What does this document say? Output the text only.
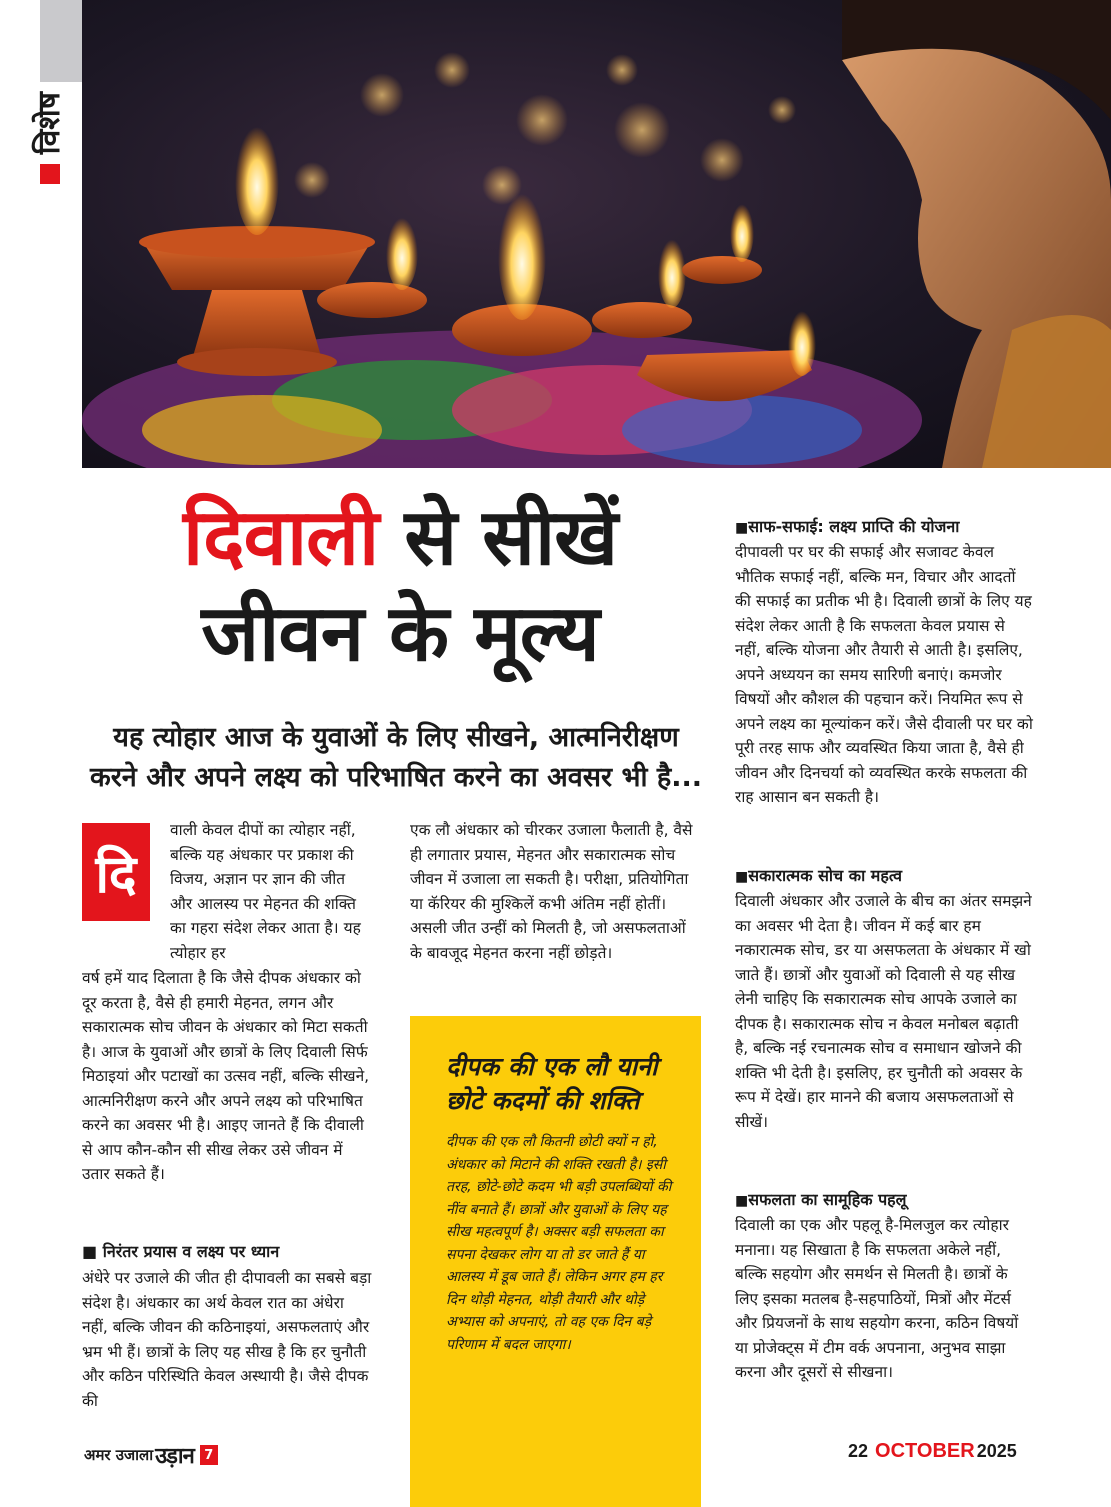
विशेष
दिवाली से सीखें
जीवन के मूल्य
यह त्योहार आज के युवाओं के लिए सीखने, आत्मनिरीक्षण करने और अपने लक्ष्य को परिभाषित करने का अवसर भी है...
दि
वाली केवल दीपों का त्योहार नहीं, बल्कि यह अंधकार पर प्रकाश की विजय, अज्ञान पर ज्ञान की जीत और आलस्य पर मेहनत की शक्ति का गहरा संदेश लेकर आता है। यह त्योहार हर
वर्ष हमें याद दिलाता है कि जैसे दीपक अंधकार को दूर करता है, वैसे ही हमारी मेहनत, लगन और सकारात्मक सोच जीवन के अंधकार को मिटा सकती है। आज के युवाओं और छात्रों के लिए दिवाली सिर्फ मिठाइयां और पटाखों का उत्सव नहीं, बल्कि सीखने, आत्मनिरीक्षण करने और अपने लक्ष्य को परिभाषित करने का अवसर भी है। आइए जानते हैं कि दीवाली से आप कौन-कौन सी सीख लेकर उसे जीवन में उतार सकते हैं।
■ निरंतर प्रयास व लक्ष्य पर ध्यान
अंधेरे पर उजाले की जीत ही दीपावली का सबसे बड़ा संदेश है। अंधकार का अर्थ केवल रात का अंधेरा नहीं, बल्कि जीवन की कठिनाइयां, असफलताएं और भ्रम भी हैं। छात्रों के लिए यह सीख है कि हर चुनौती और कठिन परिस्थिति केवल अस्थायी है। जैसे दीपक की
एक लौ अंधकार को चीरकर उजाला फैलाती है, वैसे ही लगातार प्रयास, मेहनत और सकारात्मक सोच जीवन में उजाला ला सकती है। परीक्षा, प्रतियोगिता या कॅरियर की मुश्किलें कभी अंतिम नहीं होतीं। असली जीत उन्हीं को मिलती है, जो असफलताओं के बावजूद मेहनत करना नहीं छोड़ते।
दीपक की एक लौ यानी छोटे कदमों की शक्ति
दीपक की एक लौ कितनी छोटी क्यों न हो, अंधकार को मिटाने की शक्ति रखती है। इसी तरह, छोटे-छोटे कदम भी बड़ी उपलब्धियों की नींव बनाते हैं। छात्रों और युवाओं के लिए यह सीख महत्वपूर्ण है। अक्सर बड़ी सफलता का सपना देखकर लोग या तो डर जाते हैं या आलस्य में डूब जाते हैं। लेकिन अगर हम हर दिन थोड़ी मेहनत, थोड़ी तैयारी और थोड़े अभ्यास को अपनाएं, तो वह एक दिन बड़े परिणाम में बदल जाएगा।
■ साफ-सफाई: लक्ष्य प्राप्ति की योजना
दीपावली पर घर की सफाई और सजावट केवल भौतिक सफाई नहीं, बल्कि मन, विचार और आदतों की सफाई का प्रतीक भी है। दिवाली छात्रों के लिए यह संदेश लेकर आती है कि सफलता केवल प्रयास से नहीं, बल्कि योजना और तैयारी से आती है। इसलिए, अपने अध्ययन का समय सारिणी बनाएं। कमजोर विषयों और कौशल की पहचान करें। नियमित रूप से अपने लक्ष्य का मूल्यांकन करें। जैसे दीवाली पर घर को पूरी तरह साफ और व्यवस्थित किया जाता है, वैसे ही जीवन और दिनचर्या को व्यवस्थित करके सफलता की राह आसान बन सकती है।
■ सकारात्मक सोच का महत्व
दिवाली अंधकार और उजाले के बीच का अंतर समझने का अवसर भी देता है। जीवन में कई बार हम नकारात्मक सोच, डर या असफलता के अंधकार में खो जाते हैं। छात्रों और युवाओं को दिवाली से यह सीख लेनी चाहिए कि सकारात्मक सोच आपके उजाले का दीपक है। सकारात्मक सोच न केवल मनोबल बढ़ाती है, बल्कि नई रचनात्मक सोच व समाधान खोजने की शक्ति भी देती है। इसलिए, हर चुनौती को अवसर के रूप में देखें। हार मानने की बजाय असफलताओं से सीखें।
■ सफलता का सामूहिक पहलू
दिवाली का एक और पहलू है-मिलजुल कर त्योहार मनाना। यह सिखाता है कि सफलता अकेले नहीं, बल्कि सहयोग और समर्थन से मिलती है। छात्रों के लिए इसका मतलब है-सहपाठियों, मित्रों और मेंटर्स और प्रियजनों के साथ सहयोग करना, कठिन विषयों या प्रोजेक्ट्स में टीम वर्क अपनाना, अनुभव साझा करना और दूसरों से सीखना।
अमर उजाला उड़ान 7	22 OCTOBER 2025
